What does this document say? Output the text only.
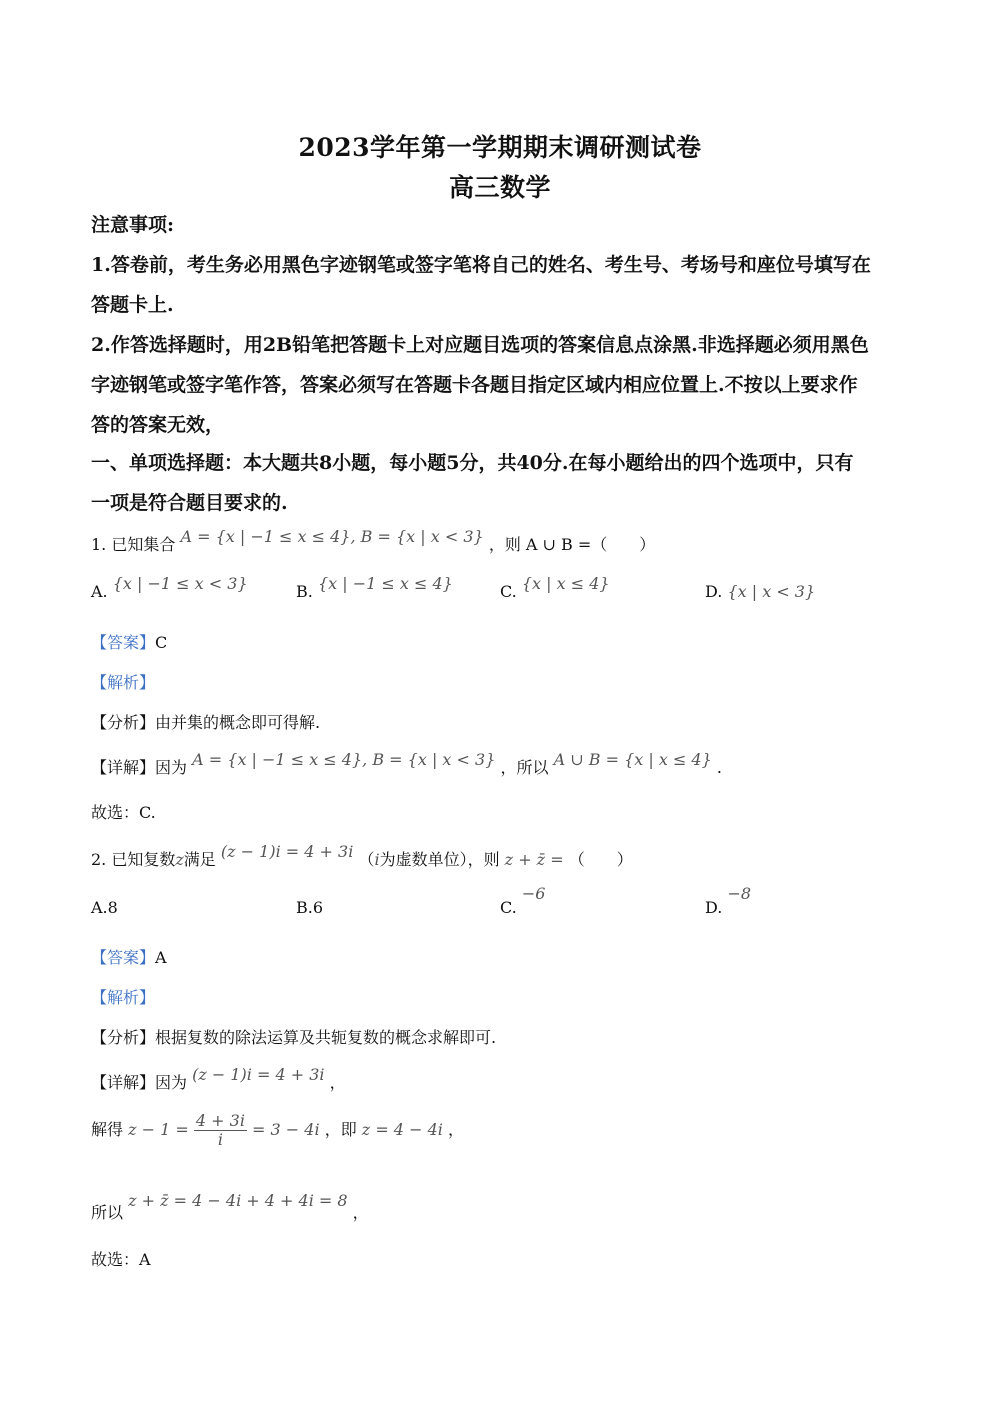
2023学年第一学期期末调研测试卷
高三数学
注意事项:
1.答卷前，考生务必用黑色字迹钢笔或签字笔将自己的姓名、考生号、考场号和座位号填写在
答题卡上.
2.作答选择题时，用2B铅笔把答题卡上对应题目选项的答案信息点涂黑.非选择题必须用黑色
字迹钢笔或签字笔作答，答案必须写在答题卡各题目指定区域内相应位置上.不按以上要求作
答的答案无效，
一、单项选择题：本大题共8小题，每小题5分，共40分.在每小题给出的四个选项中，只有
一项是符合题目要求的.
1. 已知集合 A = {x | −1 ≤ x ≤ 4}, B = {x | x < 3} ，则 A ∪ B =（　　）
A. {x | −1 ≤ x < 3}	B. {x | −1 ≤ x ≤ 4}	C. {x | x ≤ 4}	D. {x | x < 3}
【答案】C
【解析】
【分析】由并集的概念即可得解.
【详解】因为 A = {x | −1 ≤ x ≤ 4}, B = {x | x < 3} ，所以 A ∪ B = {x | x ≤ 4} .
故选：C.
2. 已知复数z满足 (z − 1)i = 4 + 3i （i为虚数单位），则 z + z̄ = （　　）
A.8	B.6	C. −6
D. −8
【答案】A
【解析】
【分析】根据复数的除法运算及共轭复数的概念求解即可.
【详解】因为 (z − 1)i = 4 + 3i ，
解得 $z - 1 = \frac{4 + 3i}{i} = 3 - 4i$ ，即 z = 4 − 4i ，
所以 z + z̄ = 4 − 4i + 4 + 4i = 8 ，
故选：A
